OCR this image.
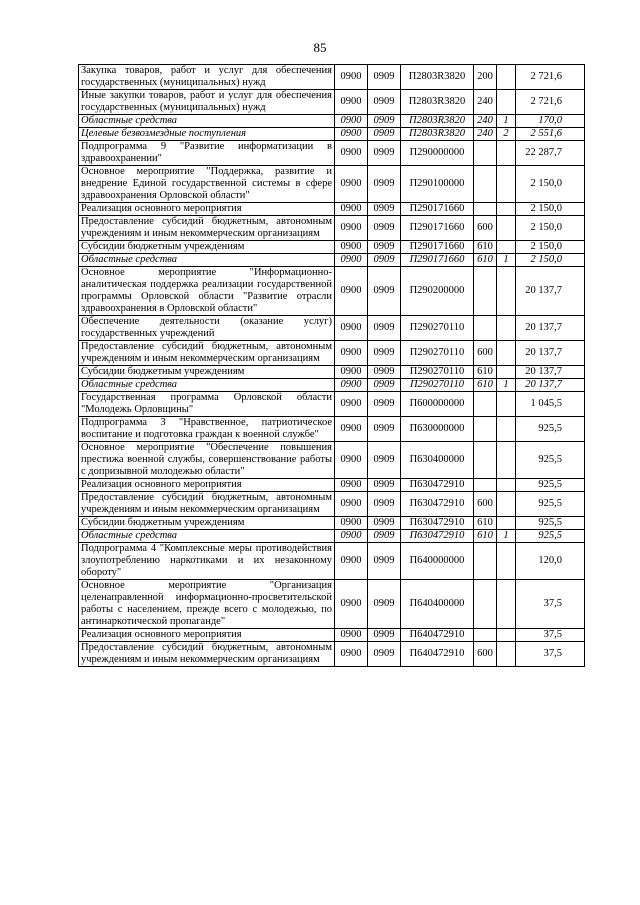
85
Закупка товаров, работ и услуг для обеспечения государственных (муниципальных) нужд	0900	0909	П2803R3820	200		2 721,6
Иные закупки товаров, работ и услуг для обеспечения государственных (муниципальных) нужд	0900	0909	П2803R3820	240		2 721,6
Областные средства	0900	0909	П2803R3820	240	1	170,0
Целевые безвозмездные поступления	0900	0909	П2803R3820	240	2	2 551,6
Подпрограмма 9 "Развитие информатизации в здравоохранении"	0900	0909	П290000000			22 287,7
Основное мероприятие "Поддержка, развитие и внедрение Единой государственной системы в сфере здравоохранения Орловской области"	0900	0909	П290100000			2 150,0
Реализация основного мероприятия	0900	0909	П290171660			2 150,0
Предоставление субсидий бюджетным, автономным учреждениям и иным некоммерческим организациям	0900	0909	П290171660	600		2 150,0
Субсидии бюджетным учреждениям	0900	0909	П290171660	610		2 150,0
Областные средства	0900	0909	П290171660	610	1	2 150,0
Основное мероприятие "Информационно-аналитическая поддержка реализации государственной программы Орловской области "Развитие отрасли здравоохранения в Орловской области"	0900	0909	П290200000			20 137,7
Обеспечение деятельности (оказание услуг) государственных учреждений	0900	0909	П290270110			20 137,7
Предоставление субсидий бюджетным, автономным учреждениям и иным некоммерческим организациям	0900	0909	П290270110	600		20 137,7
Субсидии бюджетным учреждениям	0900	0909	П290270110	610		20 137,7
Областные средства	0900	0909	П290270110	610	1	20 137,7
Государственная программа Орловской области "Молодежь Орловщины"	0900	0909	П600000000			1 045,5
Подпрограмма 3 "Нравственное, патриотическое воспитание и подготовка граждан к военной службе"	0900	0909	П630000000			925,5
Основное мероприятие "Обеспечение повышения престижа военной службы, совершенствование работы с допризывной молодежью области"	0900	0909	П630400000			925,5
Реализация основного мероприятия	0900	0909	П630472910			925,5
Предоставление субсидий бюджетным, автономным учреждениям и иным некоммерческим организациям	0900	0909	П630472910	600		925,5
Субсидии бюджетным учреждениям	0900	0909	П630472910	610		925,5
Областные средства	0900	0909	П630472910	610	1	925,5
Подпрограмма 4 "Комплексные меры противодействия злоупотреблению наркотиками и их незаконному обороту"	0900	0909	П640000000			120,0
Основное мероприятие "Организация целенаправленной информационно-просветительской работы с населением, прежде всего с молодежью, по антинаркотической пропаганде"	0900	0909	П640400000			37,5
Реализация основного мероприятия	0900	0909	П640472910			37,5
Предоставление субсидий бюджетным, автономным учреждениям и иным некоммерческим организациям	0900	0909	П640472910	600		37,5
